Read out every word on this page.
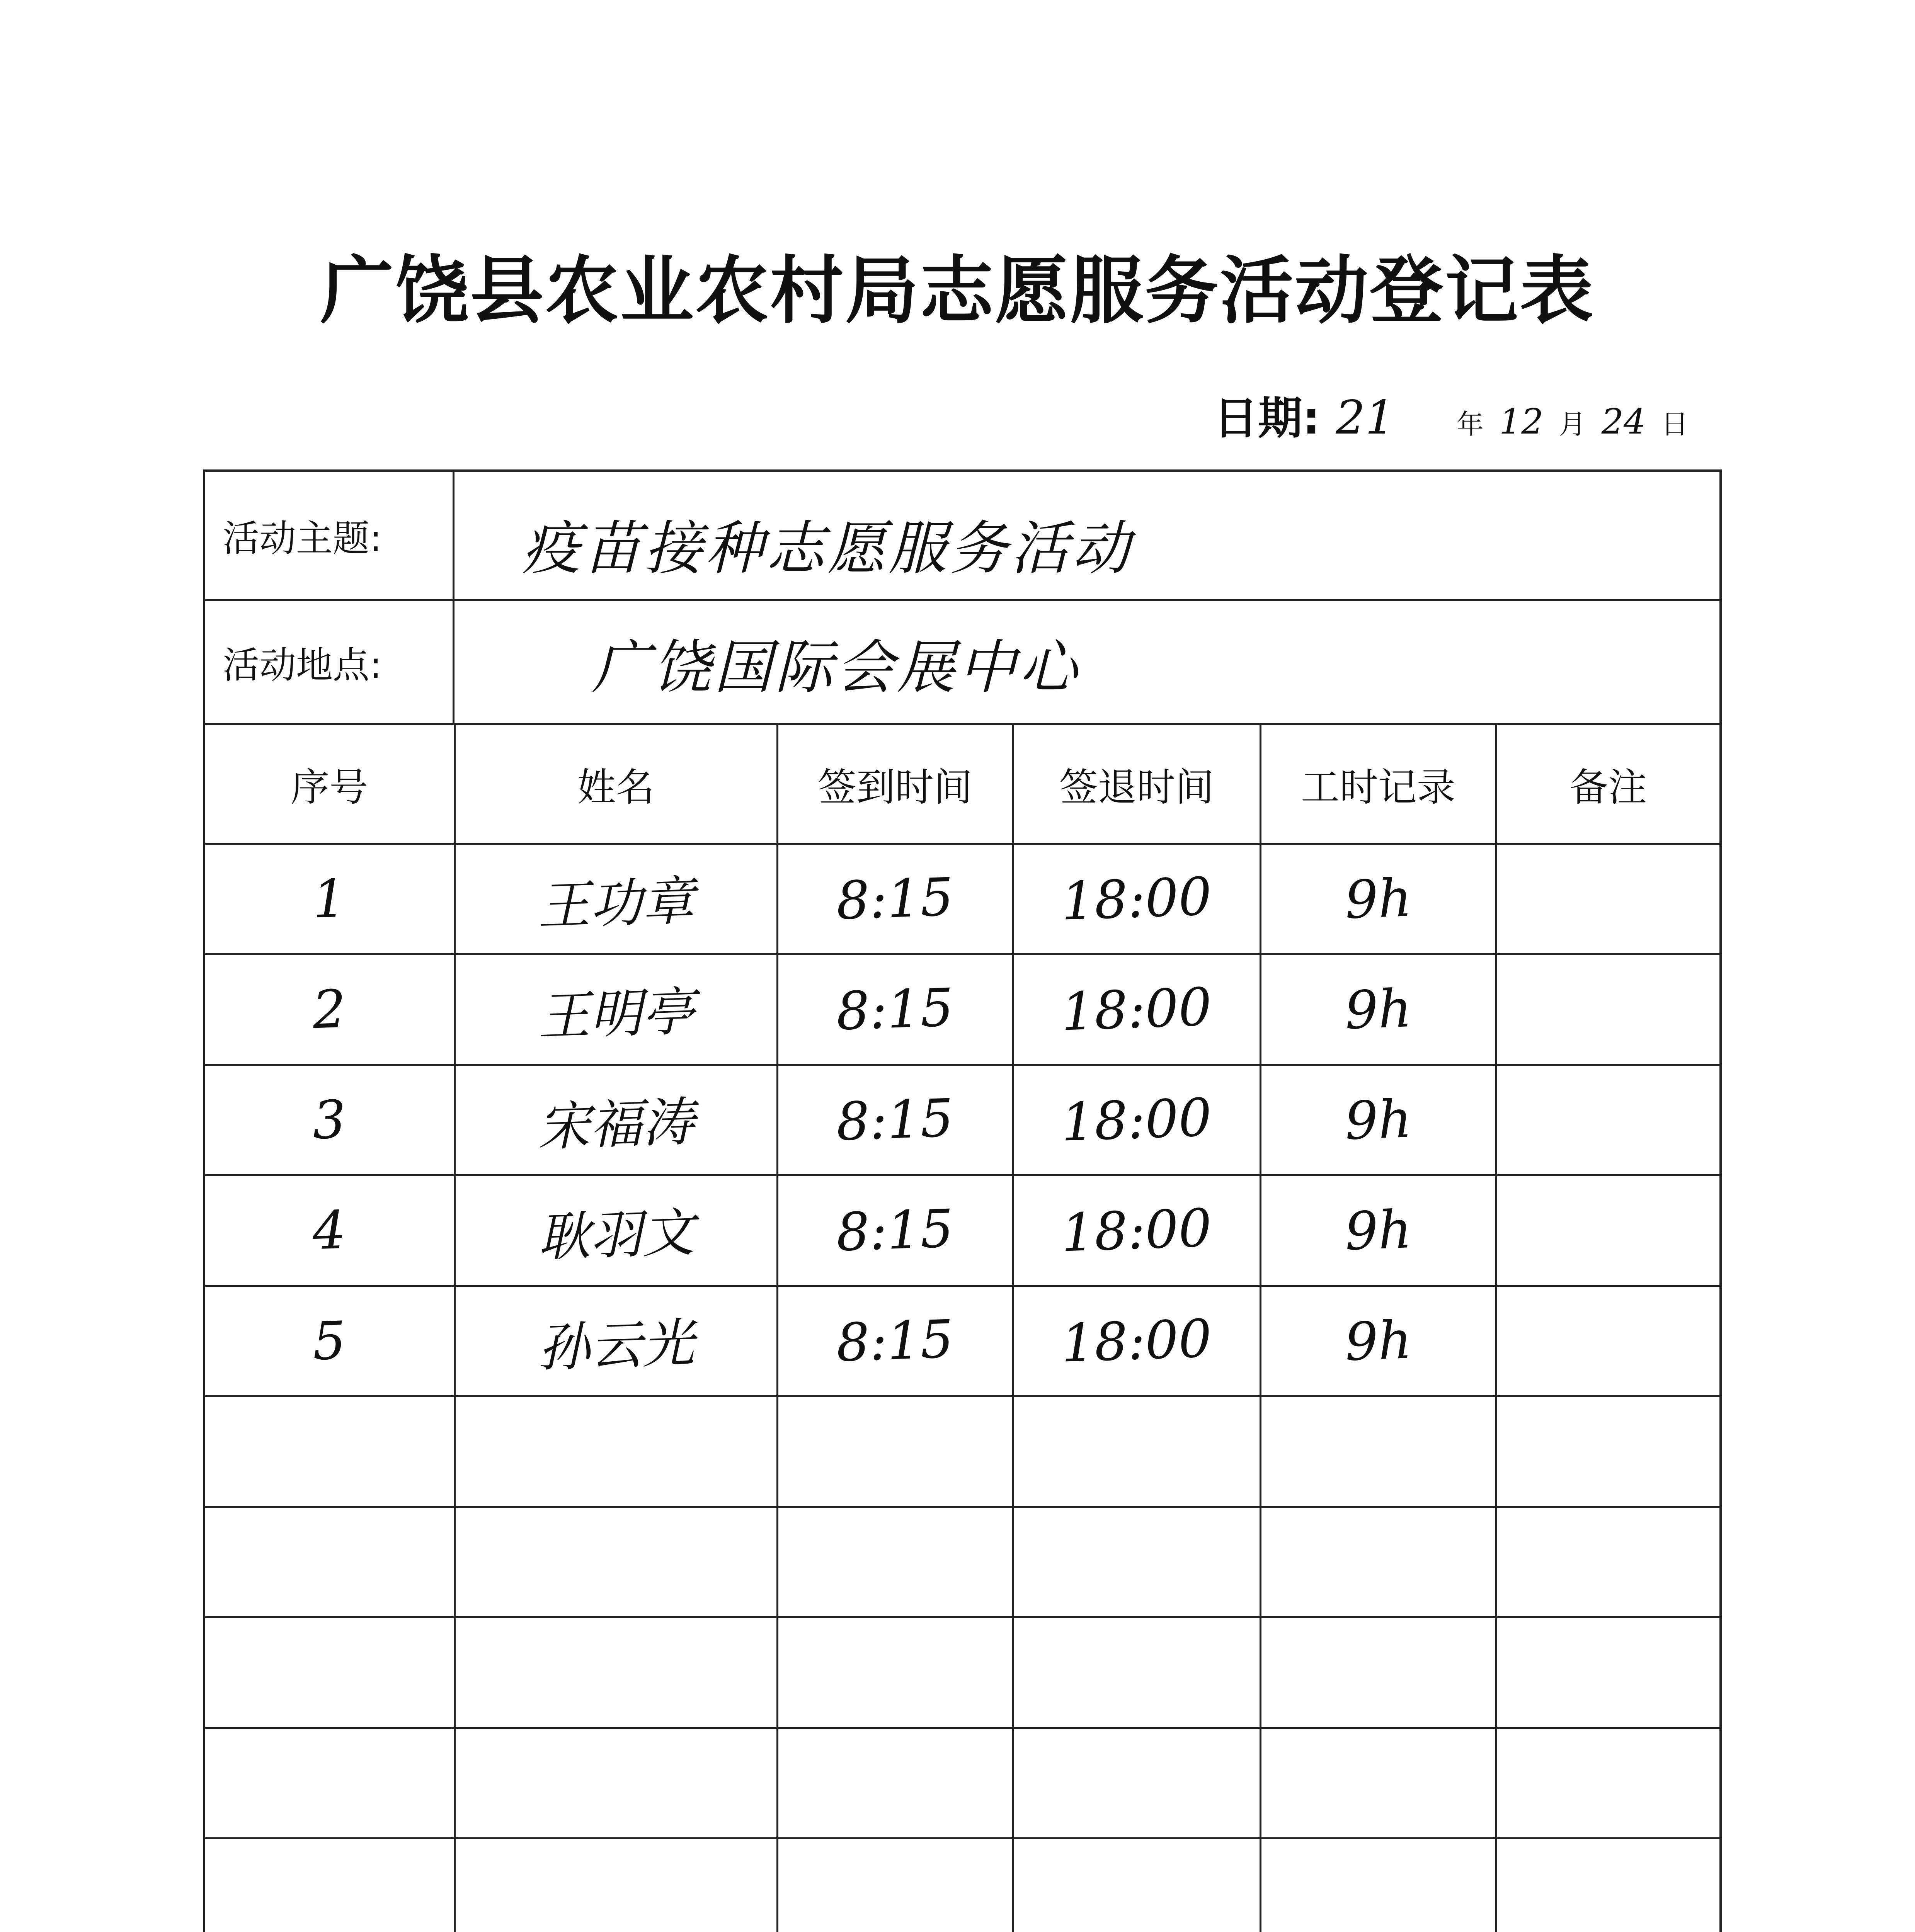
广饶县农业农村局志愿服务活动登记表
日期: 21 年 12 月 24 日
活动主题:	疫苗接种志愿服务活动
活动地点:	广饶国际会展中心
序号	姓名	签到时间	签退时间	工时记录	备注
1	王功章	8:15	18:00	9h	
2	王明亭	8:15	18:00	9h	
3	宋福涛	8:15	18:00	9h	
4	耿羽文	8:15	18:00	9h	
5	孙云光	8:15	18:00	9h	
